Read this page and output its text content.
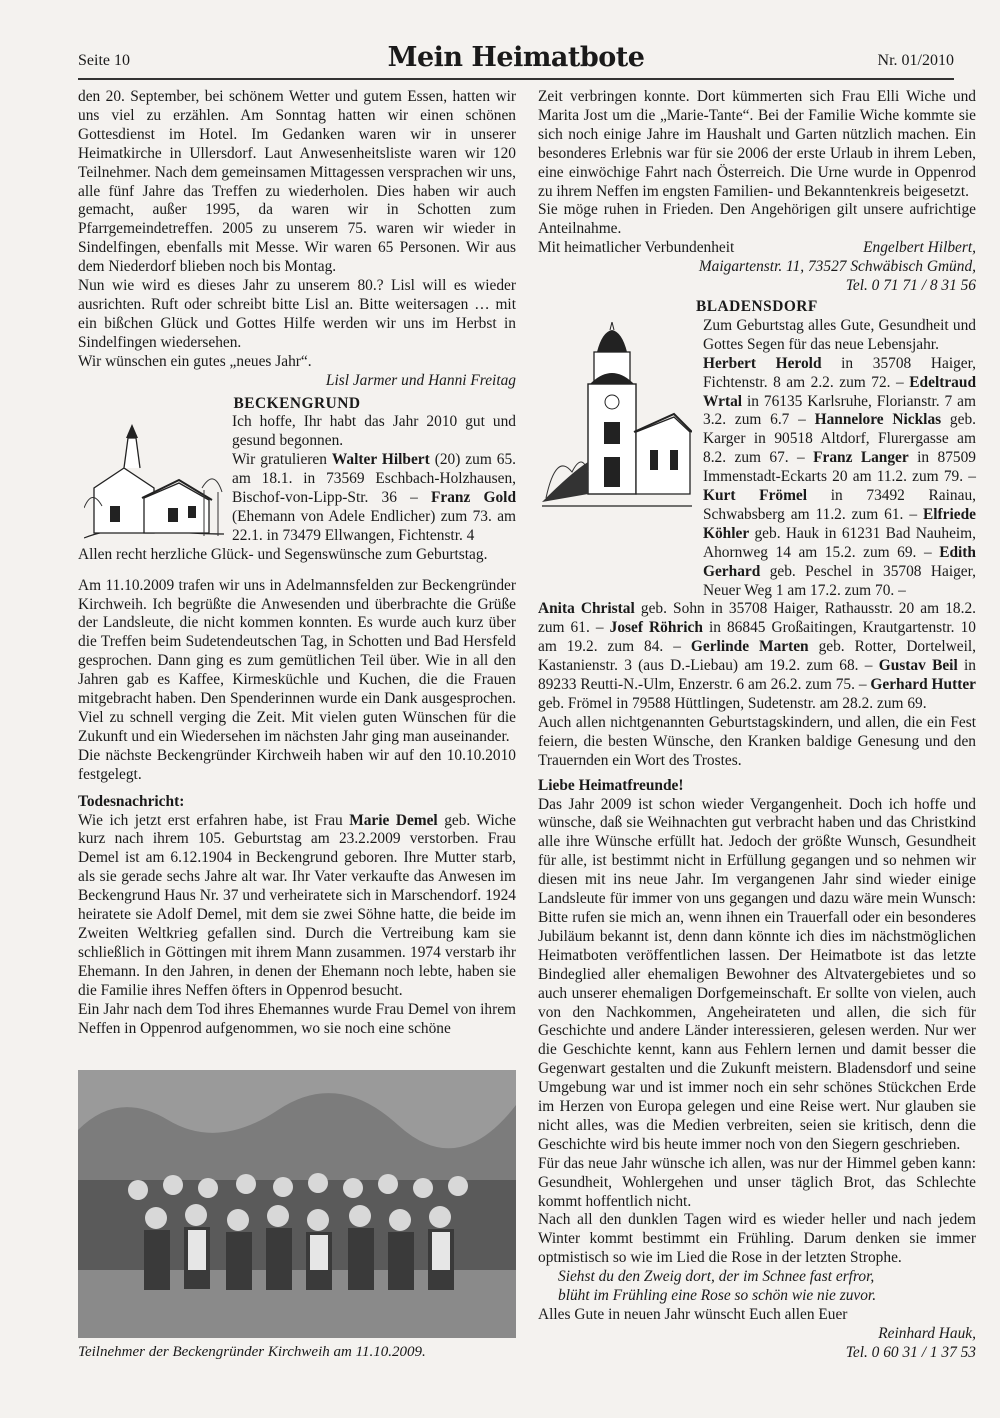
Seite 10	Mein Heimatbote	Nr. 01/2010

den 20. September, bei schönem Wetter und gutem Essen, hatten wir uns viel zu erzählen. Am Sonntag hatten wir einen schönen Gottesdienst im Hotel. Im Gedanken waren wir in unserer Heimatkirche in Ullersdorf. Laut Anwesenheitsliste waren wir 120 Teilnehmer. Nach dem gemeinsamen Mittagessen versprachen wir uns, alle fünf Jahre das Treffen zu wiederholen. Dies haben wir auch gemacht, außer 1995, da waren wir in Schotten zum Pfarrgemeindetreffen. 2005 zu unserem 75. waren wir wieder in Sindelfingen, ebenfalls mit Messe. Wir waren 65 Personen. Wir aus dem Niederdorf blieben noch bis Montag.

Nun wie wird es dieses Jahr zu unserem 80.? Lisl will es wieder ausrichten. Ruft oder schreibt bitte Lisl an. Bitte weitersagen … mit ein bißchen Glück und Gottes Hilfe werden wir uns im Herbst in Sindelfingen wiedersehen.

Wir wünschen ein gutes „neues Jahr“.

Lisl Jarmer und Hanni Freitag

BECKENGRUND

Ich hoffe, Ihr habt das Jahr 2010 gut und gesund begonnen.

Wir gratulieren Walter Hilbert (20) zum 65. am 18.1. in 73569 Eschbach-Holzhausen, Bischof-von-Lipp-Str. 36 – Franz Gold (Ehemann von Adele Endlicher) zum 73. am 22.1. in 73479 Ellwangen, Fichtenstr. 4

Allen recht herzliche Glück- und Segenswünsche zum Geburtstag.

Am 11.10.2009 trafen wir uns in Adelmannsfelden zur Beckengründer Kirchweih. Ich begrüßte die Anwesenden und überbrachte die Grüße der Landsleute, die nicht kommen konnten. Es wurde auch kurz über die Treffen beim Sudetendeutschen Tag, in Schotten und Bad Hersfeld gesprochen. Dann ging es zum gemütlichen Teil über. Wie in all den Jahren gab es Kaffee, Kirmesküchle und Kuchen, die die Frauen mitgebracht haben. Den Spenderinnen wurde ein Dank ausgesprochen. Viel zu schnell verging die Zeit. Mit vielen guten Wünschen für die Zukunft und ein Wiedersehen im nächsten Jahr ging man auseinander.

Die nächste Beckengründer Kirchweih haben wir auf den 10.10.2010 festgelegt.

Todesnachricht:

Wie ich jetzt erst erfahren habe, ist Frau Marie Demel geb. Wiche kurz nach ihrem 105. Geburtstag am 23.2.2009 verstorben. Frau Demel ist am 6.12.1904 in Beckengrund geboren. Ihre Mutter starb, als sie gerade sechs Jahre alt war. Ihr Vater verkaufte das Anwesen im Beckengrund Haus Nr. 37 und verheiratete sich in Marschendorf. 1924 heiratete sie Adolf Demel, mit dem sie zwei Söhne hatte, die beide im Zweiten Weltkrieg gefallen sind. Durch die Vertreibung kam sie schließlich in Göttingen mit ihrem Mann zusammen. 1974 verstarb ihr Ehemann. In den Jahren, in denen der Ehemann noch lebte, haben sie die Familie ihres Neffen öfters in Oppenrod besucht.

Ein Jahr nach dem Tod ihres Ehemannes wurde Frau Demel von ihrem Neffen in Oppenrod aufgenommen, wo sie noch eine schöne

Teilnehmer der Beckengründer Kirchweih am 11.10.2009.

Zeit verbringen konnte. Dort kümmerten sich Frau Elli Wiche und Marita Jost um die „Marie-Tante“. Bei der Familie Wiche kommte sie sich noch einige Jahre im Haushalt und Garten nützlich machen. Ein besonderes Erlebnis war für sie 2006 der erste Urlaub in ihrem Leben, eine einwöchige Fahrt nach Österreich. Die Urne wurde in Oppenrod zu ihrem Neffen im engsten Familien- und Bekanntenkreis beigesetzt.

Sie möge ruhen in Frieden. Den Angehörigen gilt unsere aufrichtige Anteilnahme.

Mit heimatlicher Verbundenheit	Engelbert Hilbert,

Maigartenstr. 11, 73527 Schwäbisch Gmünd,

Tel. 0 71 71 / 8 31 56

BLADENSDORF

Zum Geburtstag alles Gute, Gesundheit und Gottes Segen für das neue Lebensjahr.

Herbert Herold in 35708 Haiger, Fichtenstr. 8 am 2.2. zum 72. – Edeltraud Wrtal in 76135 Karlsruhe, Florianstr. 7 am 3.2. zum 6.7 – Hannelore Nicklas geb. Karger in 90518 Altdorf, Flurergasse am 8.2. zum 67. – Franz Langer in 87509 Immenstadt-Eckarts 20 am 11.2. zum 79. – Kurt Frömel in 73492 Rainau, Schwabsberg am 11.2. zum 61. – Elfriede Köhler geb. Hauk in 61231 Bad Nauheim, Ahornweg 14 am 15.2. zum 69. – Edith Gerhard geb. Peschel in 35708 Haiger, Neuer Weg 1 am 17.2. zum 70. –

Anita Christal geb. Sohn in 35708 Haiger, Rathausstr. 20 am 18.2. zum 61. – Josef Röhrich in 86845 Großaitingen, Krautgartenstr. 10 am 19.2. zum 84. – Gerlinde Marten geb. Rotter, Dortelweil, Kastanienstr. 3 (aus D.-Liebau) am 19.2. zum 68. – Gustav Beil in 89233 Reutti-N.-Ulm, Enzerstr. 6 am 26.2. zum 75. – Gerhard Hutter geb. Frömel in 79588 Hüttlingen, Sudetenstr. am 28.2. zum 69.

Auch allen nichtgenannten Geburtstagskindern, und allen, die ein Fest feiern, die besten Wünsche, den Kranken baldige Genesung und den Trauernden ein Wort des Trostes.

Liebe Heimatfreunde!

Das Jahr 2009 ist schon wieder Vergangenheit. Doch ich hoffe und wünsche, daß sie Weihnachten gut verbracht haben und das Christkind alle ihre Wünsche erfüllt hat. Jedoch der größte Wunsch, Gesundheit für alle, ist bestimmt nicht in Erfüllung gegangen und so nehmen wir diesen mit ins neue Jahr. Im vergangenen Jahr sind wieder einige Landsleute für immer von uns gegangen und dazu wäre mein Wunsch: Bitte rufen sie mich an, wenn ihnen ein Trauerfall oder ein besonderes Jubiläum bekannt ist, denn dann könnte ich dies im nächstmöglichen Heimatboten veröffentlichen lassen. Der Heimatbote ist das letzte Bindeglied aller ehemaligen Bewohner des Altvatergebietes und so auch unserer ehemaligen Dorfgemeinschaft. Er sollte von vielen, auch von den Nachkommen, Angeheirateten und allen, die sich für Geschichte und andere Länder interessieren, gelesen werden. Nur wer die Geschichte kennt, kann aus Fehlern lernen und damit besser die Gegenwart gestalten und die Zukunft meistern. Bladensdorf und seine Umgebung war und ist immer noch ein sehr schönes Stückchen Erde im Herzen von Europa gelegen und eine Reise wert. Nur glauben sie nicht alles, was die Medien verbreiten, seien sie kritisch, denn die Geschichte wird bis heute immer noch von den Siegern geschrieben.

Für das neue Jahr wünsche ich allen, was nur der Himmel geben kann: Gesundheit, Wohlergehen und unser täglich Brot, das Schlechte kommt hoffentlich nicht.

Nach all den dunklen Tagen wird es wieder heller und nach jedem Winter kommt bestimmt ein Frühling. Darum denken sie immer optmistisch so wie im Lied die Rose in der letzten Strophe.

Siehst du den Zweig dort, der im Schnee fast erfror,

blüht im Frühling eine Rose so schön wie nie zuvor.

Alles Gute in neuen Jahr wünscht Euch allen Euer

Reinhard Hauk,

Tel. 0 60 31 / 1 37 53
